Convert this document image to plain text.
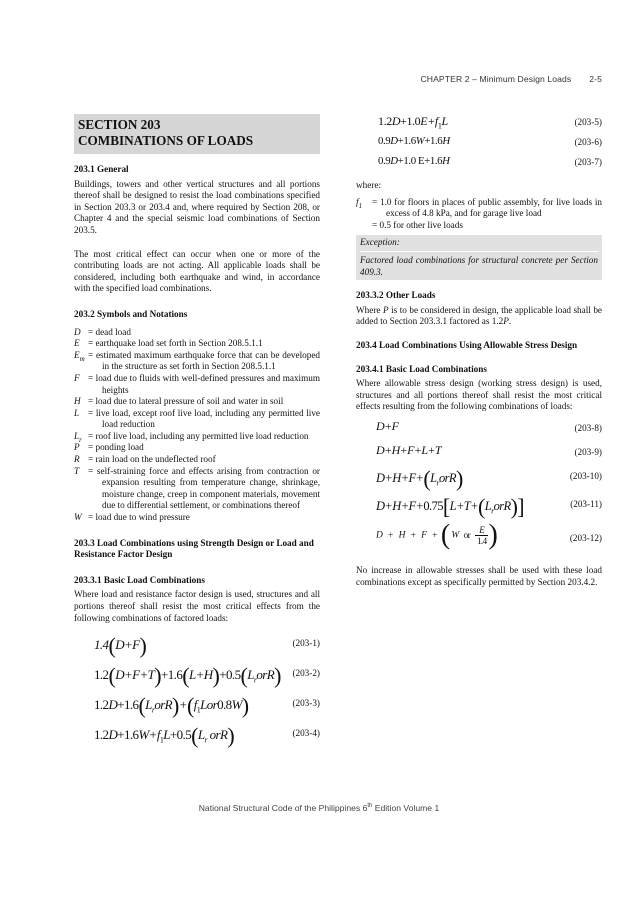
CHAPTER 2 – Minimum Design Loads 2-5
SECTION 203
COMBINATIONS OF LOADS
203.1 General

Buildings, towers and other vertical structures and all portions thereof shall be designed to resist the load combinations specified in Section 203.3 or 203.4 and, where required by Section 208, or Chapter 4 and the special seismic load combinations of Section 203.5.

The most critical effect can occur when one or more of the contributing loads are not acting. All applicable loads shall be considered, including both earthquake and wind, in accordance with the specified load combinations.

203.2 Symbols and Notations
D = dead load
E = earthquake load set forth in Section 208.5.1.1
$E_m$ = estimated maximum earthquake force that can be developed in the structure as set forth in Section 208.5.1.1
F = load due to fluids with well-defined pressures and maximum heights
H = load due to lateral pressure of soil and water in soil
L = live load, except roof live load, including any permitted live load reduction
$L_r$ = roof live load, including any permitted live load reduction
P = ponding load
R = rain load on the undeflected roof
T = self-straining force and effects arising from contraction or expansion resulting from temperature change, shrinkage, moisture change, creep in component materials, movement due to differential settlement, or combinations thereof
W = load due to wind pressure
203.3 Load Combinations using Strength Design or Load and Resistance Factor Design
203.3.1 Basic Load Combinations

Where load and resistance factor design is used, structures and all portions thereof shall resist the most critical effects from the following combinations of factored loads:

1.4(D+F)	(203-1)
$1.2(D+F+T)+1.6(L+H)+0.5(L_rorR)$ (203-2)
$1.2D+1.6(L_rorR)+(f_1Lor0.8W)$	(203-3)
$1.2D+1.6W+f_1L+0.5(L_r$ orR)	(203-4)
$1.2D+1.0E+f_1L$	(203-5)
0.9D+1.6W+1.6H	(203-6)
0.9D+1.0 E+1.6H	(203-7)

where:

$f_1 = 1.0$ for floors in places of public assembly, for live loads in excess of 4.8 kPa, and for garage live load
= 0.5 for other live loads
Exception:
Factored load combinations for structural concrete per Section 409.3.
203.3.2 Other Loads

Where P is to be considered in design, the applicable load shall be added to Section 203.3.1 factored as 1.2P.

203.4 Load Combinations Using Allowable Stress Design
203.4.1 Basic Load Combinations

Where allowable stress design (working stress design) is used, structures and all portions thereof shall resist the most critical effects resulting from the following combinations of loads:

D+F	(203-8)
D+H+F+L+T	(203-9)
$D+H+F+(L_rorR)$	(203-10)
$D+H+F+0.75[L+T+(L_rorR)]$	(203-11)
D + H + F + ( W or $\frac{E}{1.4}$ )	(203-12)

No increase in allowable stresses shall be used with these load combinations except as specifically permitted by Section 203.4.2.

National Structural Code of the Philippines 6th Edition Volume 1
